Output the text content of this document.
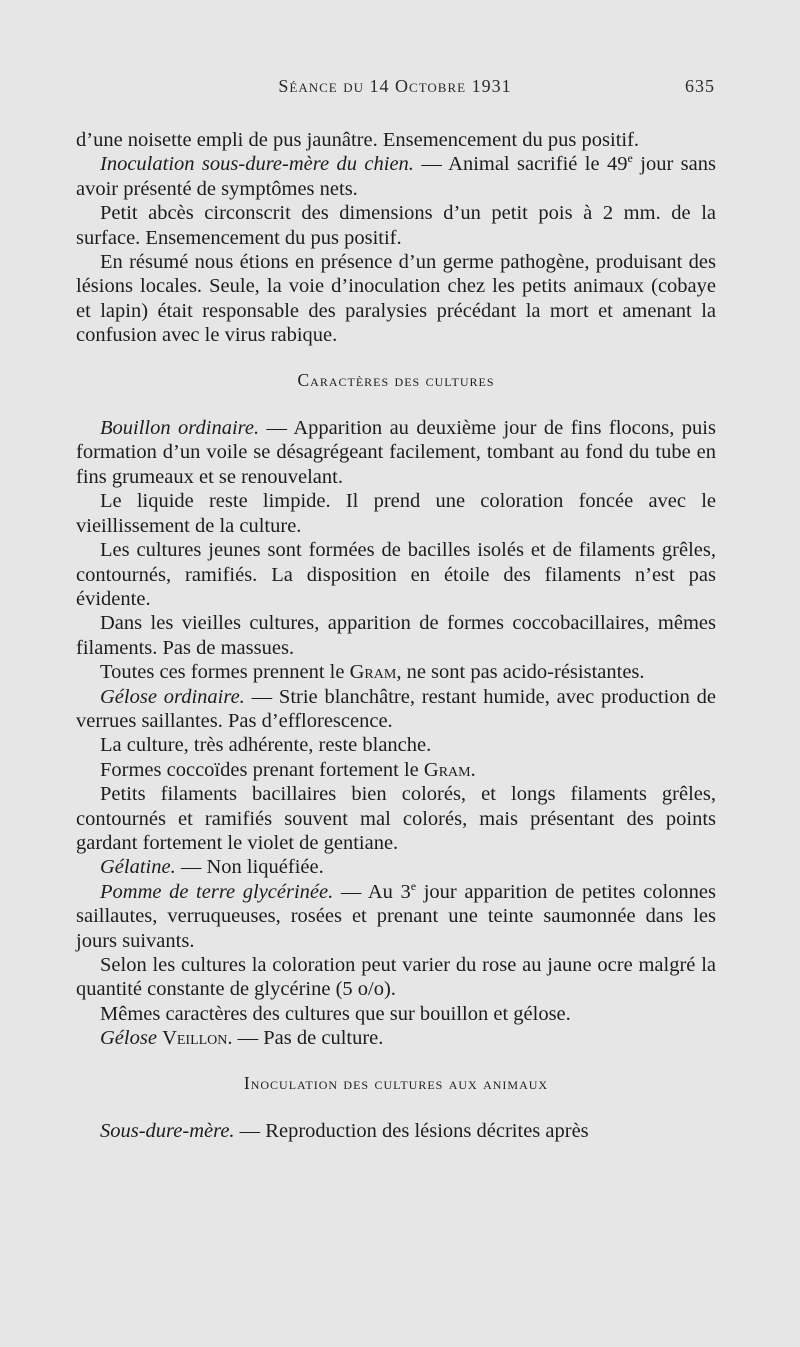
Séance du 14 Octobre 1931	635

d’une noisette empli de pus jaunâtre. Ensemencement du pus positif.

Inoculation sous-dure-mère du chien. — Animal sacrifié le 49e jour sans avoir présenté de symptômes nets.

Petit abcès circonscrit des dimensions d’un petit pois à 2 mm. de la surface. Ensemencement du pus positif.

En résumé nous étions en présence d’un germe pathogène, produisant des lésions locales. Seule, la voie d’inoculation chez les petits animaux (cobaye et lapin) était responsable des paralysies précédant la mort et amenant la confusion avec le virus rabique.

Caractères des cultures

Bouillon ordinaire. — Apparition au deuxième jour de fins flocons, puis formation d’un voile se désagrégeant facilement, tombant au fond du tube en fins grumeaux et se renouvelant.

Le liquide reste limpide. Il prend une coloration foncée avec le vieillissement de la culture.

Les cultures jeunes sont formées de bacilles isolés et de filaments grêles, contournés, ramifiés. La disposition en étoile des filaments n’est pas évidente.

Dans les vieilles cultures, apparition de formes coccobacillaires, mêmes filaments. Pas de massues.

Toutes ces formes prennent le Gram, ne sont pas acido-résistantes.

Gélose ordinaire. — Strie blanchâtre, restant humide, avec production de verrues saillantes. Pas d’efflorescence.

La culture, très adhérente, reste blanche.

Formes coccoïdes prenant fortement le Gram.

Petits filaments bacillaires bien colorés, et longs filaments grêles, contournés et ramifiés souvent mal colorés, mais présentant des points gardant fortement le violet de gentiane.

Gélatine. — Non liquéfiée.

Pomme de terre glycérinée. — Au 3e jour apparition de petites colonnes saillautes, verruqueuses, rosées et prenant une teinte saumonnée dans les jours suivants.

Selon les cultures la coloration peut varier du rose au jaune ocre malgré la quantité constante de glycérine (5 o/o).

Mêmes caractères des cultures que sur bouillon et gélose.

Gélose Veillon. — Pas de culture.

Inoculation des cultures aux animaux

Sous-dure-mère. — Reproduction des lésions décrites après
